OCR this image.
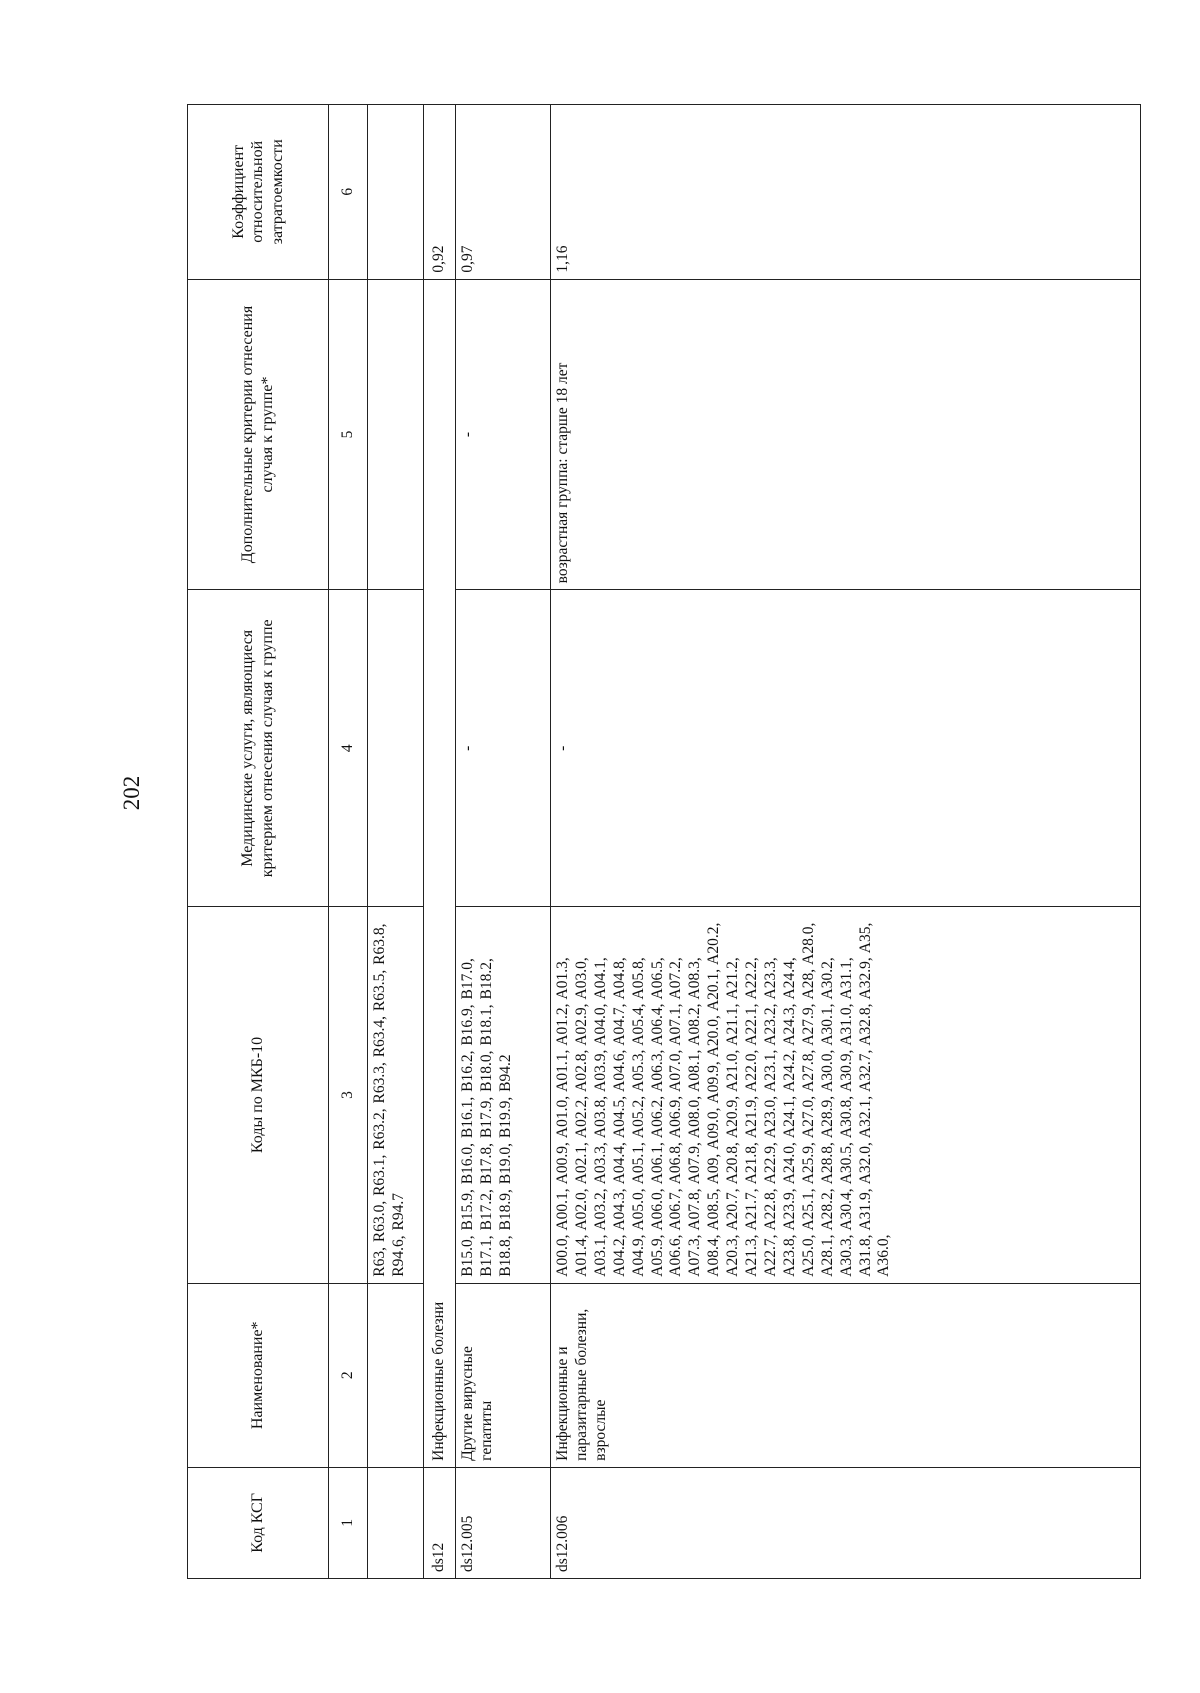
202
Код КСГ	Наименование*	Коды по МКБ-10	Медицинские услуги, являющиеся критерием отнесения случая к группе	Дополнительные критерии отнесения случая к группе*	Коэффициент относительной затратоемкости
1	2	3	4	5	6
		R63, R63.0, R63.1, R63.2, R63.3, R63.4, R63.5, R63.8, R94.6, R94.7			
ds12	Инфекционные болезни				0,92
ds12.005	Другие вирусные гепатиты	B15.0, B15.9, B16.0, B16.1, B16.2, B16.9, B17.0, B17.1, B17.2, B17.8, B17.9, B18.0, B18.1, B18.2, B18.8, B18.9, B19.0, B19.9, B94.2	-	-	0,97
ds12.006	Инфекционные и паразитарные болезни, взрослые	A00.0, A00.1, A00.9, A01.0, A01.1, A01.2, A01.3, A01.4, A02.0, A02.1, A02.2, A02.8, A02.9, A03.0, A03.1, A03.2, A03.3, A03.8, A03.9, A04.0, A04.1, A04.2, A04.3, A04.4, A04.5, A04.6, A04.7, A04.8, A04.9, A05.0, A05.1, A05.2, A05.3, A05.4, A05.8, A05.9, A06.0, A06.1, A06.2, A06.3, A06.4, A06.5, A06.6, A06.7, A06.8, A06.9, A07.0, A07.1, A07.2, A07.3, A07.8, A07.9, A08.0, A08.1, A08.2, A08.3, A08.4, A08.5, A09, A09.0, A09.9, A20.0, A20.1, A20.2, A20.3, A20.7, A20.8, A20.9, A21.0, A21.1, A21.2, A21.3, A21.7, A21.8, A21.9, A22.0, A22.1, A22.2, A22.7, A22.8, A22.9, A23.0, A23.1, A23.2, A23.3, A23.8, A23.9, A24.0, A24.1, A24.2, A24.3, A24.4, A25.0, A25.1, A25.9, A27.0, A27.8, A27.9, A28, A28.0, A28.1, A28.2, A28.8, A28.9, A30.0, A30.1, A30.2, A30.3, A30.4, A30.5, A30.8, A30.9, A31.0, A31.1, A31.8, A31.9, A32.0, A32.1, A32.7, A32.8, A32.9, A35, A36.0,	-	возрастная группа: старше 18 лет	1,16
